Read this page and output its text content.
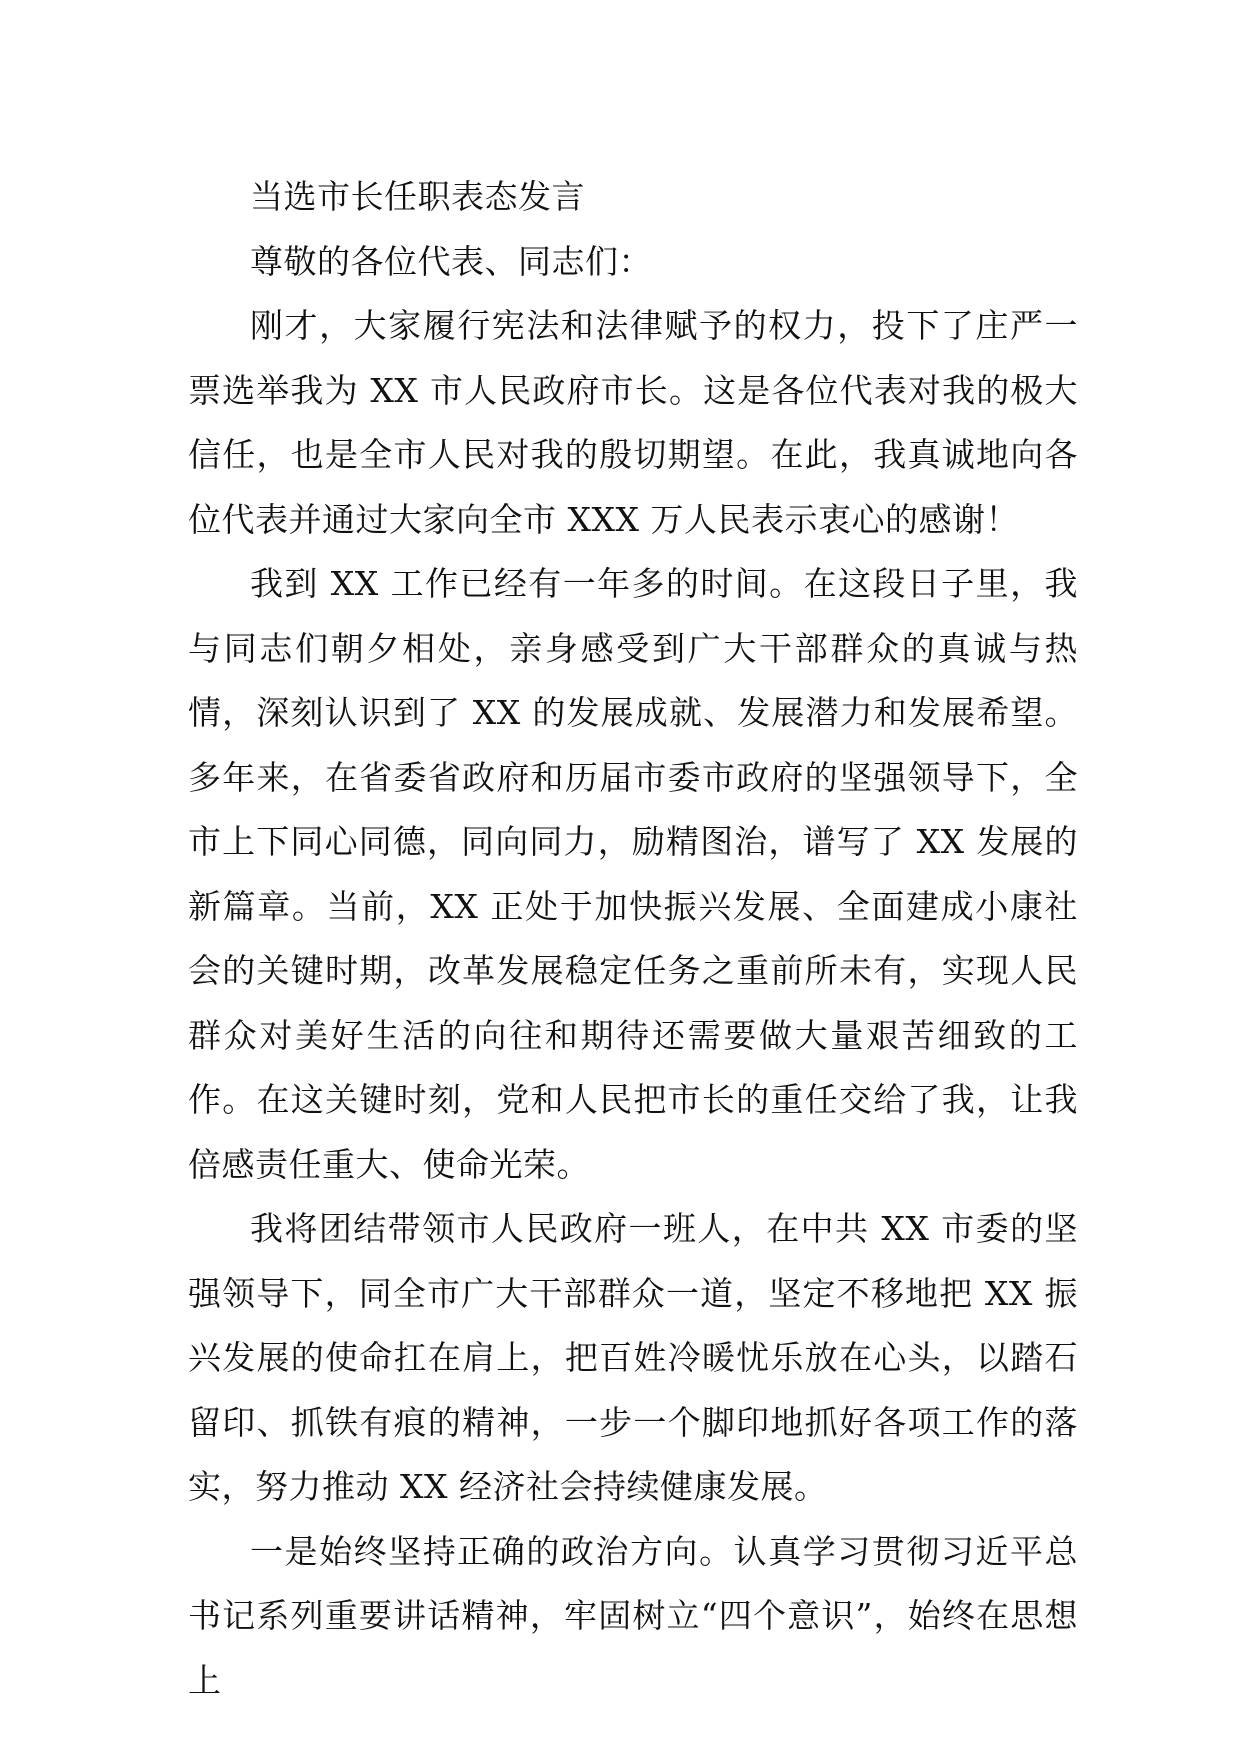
当选市长任职表态发言

尊敬的各位代表、同志们：

刚才，大家履行宪法和法律赋予的权力，投下了庄严一票选举我为 XX 市人民政府市长。这是各位代表对我的极大信任，也是全市人民对我的殷切期望。在此，我真诚地向各位代表并通过大家向全市 XXX 万人民表示衷心的感谢！

我到 XX 工作已经有一年多的时间。在这段日子里，我与同志们朝夕相处，亲身感受到广大干部群众的真诚与热情，深刻认识到了 XX 的发展成就、发展潜力和发展希望。多年来，在省委省政府和历届市委市政府的坚强领导下，全市上下同心同德，同向同力，励精图治，谱写了 XX 发展的新篇章。当前，XX 正处于加快振兴发展、全面建成小康社会的关键时期，改革发展稳定任务之重前所未有，实现人民群众对美好生活的向往和期待还需要做大量艰苦细致的工作。在这关键时刻，党和人民把市长的重任交给了我，让我倍感责任重大、使命光荣。

我将团结带领市人民政府一班人，在中共 XX 市委的坚强领导下，同全市广大干部群众一道，坚定不移地把 XX 振兴发展的使命扛在肩上，把百姓冷暖忧乐放在心头，以踏石留印、抓铁有痕的精神，一步一个脚印地抓好各项工作的落实，努力推动 XX 经济社会持续健康发展。

一是始终坚持正确的政治方向。认真学习贯彻习近平总书记系列重要讲话精神，牢固树立“四个意识”，始终在思想上
